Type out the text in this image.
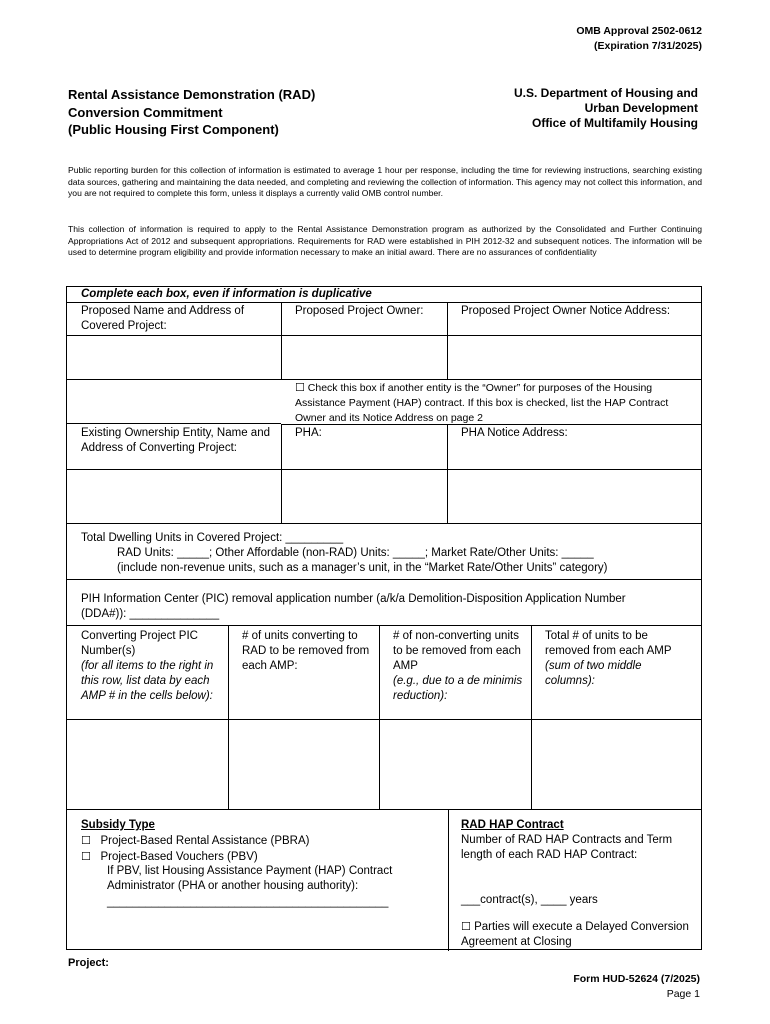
OMB Approval 2502-0612
(Expiration 7/31/2025)
Rental Assistance Demonstration (RAD)
Conversion Commitment
(Public Housing First Component)
U.S. Department of Housing and
Urban Development
Office of Multifamily Housing
Public reporting burden for this collection of information is estimated to average 1 hour per response, including the time for reviewing instructions, searching existing data sources, gathering and maintaining the data needed, and completing and reviewing the collection of information. This agency may not collect this information, and you are not required to complete this form, unless it displays a currently valid OMB control number.
This collection of information is required to apply to the Rental Assistance Demonstration program as authorized by the Consolidated and Further Continuing Appropriations Act of 2012 and subsequent appropriations. Requirements for RAD were established in PIH 2012-32 and subsequent notices. The information will be used to determine program eligibility and provide information necessary to make an initial award. There are no assurances of confidentiality
Complete each box, even if information is duplicative
Proposed Name and Address of Covered Project:
Proposed Project Owner:	Proposed Project Owner Notice Address:
☐ Check this box if another entity is the “Owner” for purposes of the Housing Assistance Payment (HAP) contract. If this box is checked, list the HAP Contract Owner and its Notice Address on page 2
Existing Ownership Entity, Name and Address of Converting Project:
PHA:	PHA Notice Address:
Total Dwelling Units in Covered Project: _________
RAD Units: _____; Other Affordable (non-RAD) Units: _____; Market Rate/Other Units: _____
(include non-revenue units, such as a manager’s unit, in the “Market Rate/Other Units” category)
PIH Information Center (PIC) removal application number (a/k/a Demolition-Disposition Application Number
(DDA#)): ______________
Converting Project PIC Number(s)
(for all items to the right in this row, list data by each AMP # in the cells below):
# of units converting to RAD to be removed from each AMP:
# of non-converting units to be removed from each AMP
(e.g., due to a de minimis reduction):
Total # of units to be removed from each AMP (sum of two middle columns):
Subsidy Type
☐ Project-Based Rental Assistance (PBRA)
☐ Project-Based Vouchers (PBV)
If PBV, list Housing Assistance Payment (HAP) Contract Administrator (PHA or another housing authority):
____________________________________________
RAD HAP Contract
Number of RAD HAP Contracts and Term length of each RAD HAP Contract:
___contract(s), ____ years
☐ Parties will execute a Delayed Conversion Agreement at Closing
Project:
Form HUD-52624 (7/2025)
Page 1
